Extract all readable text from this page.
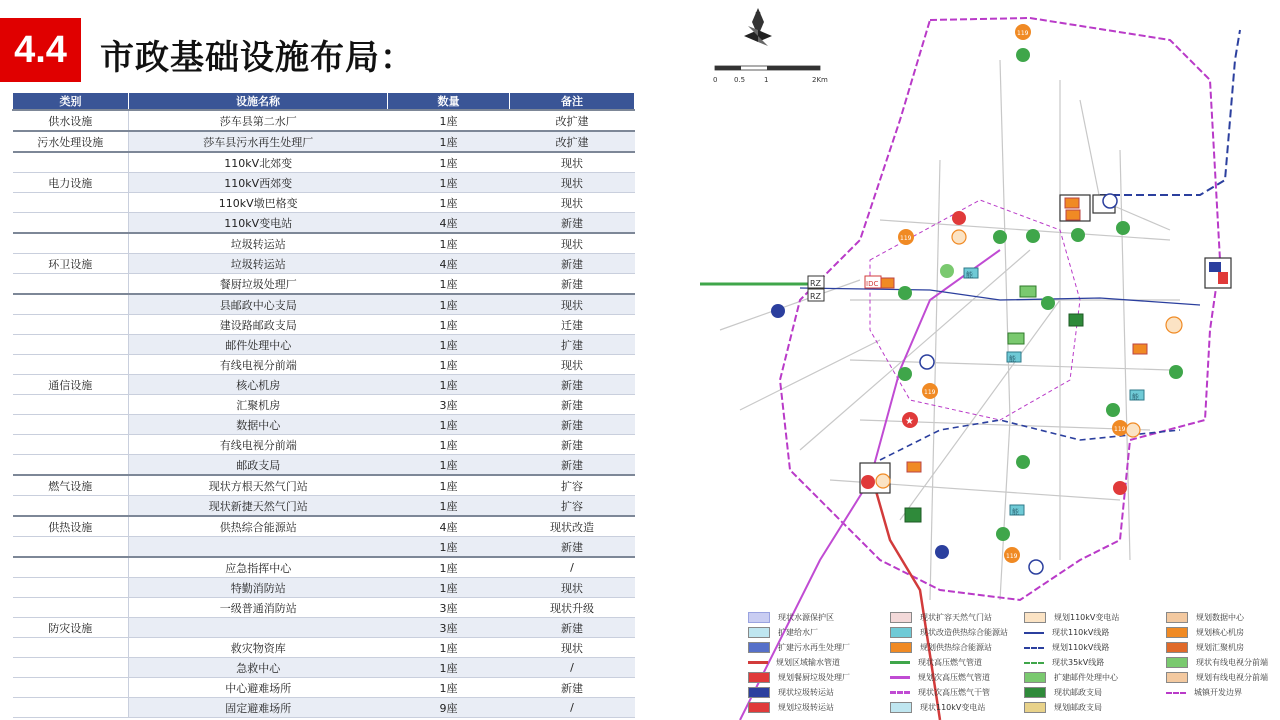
4.4 市政基础设施布局：
类别	设施名称	数量	备注
供水设施	莎车县第二水厂	1座	改扩建
污水处理设施	莎车县污水再生处理厂	1座	改扩建
	110kV北郊变	1座	现状
电力设施	110kV西郊变	1座	现状
	110kV墩巴格变	1座	现状
	110kV变电站	4座	新建
	垃圾转运站	1座	现状
环卫设施	垃圾转运站	4座	新建
	餐厨垃圾处理厂	1座	新建
	县邮政中心支局	1座	现状
	建设路邮政支局	1座	迁建
	邮件处理中心	1座	扩建
	有线电视分前端	1座	现状
通信设施	核心机房	1座	新建
	汇聚机房	3座	新建
	数据中心	1座	新建
	有线电视分前端	1座	新建
	邮政支局	1座	新建
燃气设施	现状方根天然气门站	1座	扩容
	现状新捷天然气门站	1座	扩容
供热设施	供热综合能源站	4座	现状改造
		1座	新建
	应急指挥中心	1座	/
	特勤消防站	1座	现状
	一级普通消防站	3座	现状升级
防灾设施		3座	新建
	救灾物资库	1座	现状
	急救中心	1座	/
	中心避难场所	1座	新建
	固定避难场所	9座	/
N
0 0.5	1	2Km
★
119
119
119
119
119
RZ
RZ
IDC
能
能
能
能
现状水源保护区
扩建给水厂
扩建污水再生处理厂
规划区域输水管道
规划餐厨垃圾处理厂
现状垃圾转运站
规划垃圾转运站
现状扩容天然气门站
现状改造供热综合能源站
规划供热综合能源站
现状高压燃气管道
规划次高压燃气管道
现状次高压燃气干管
现状110kV变电站
规划110kV变电站
现状110kV线路
规划110kV线路
现状35kV线路
扩建邮件处理中心
现状邮政支局
规划邮政支局
规划数据中心
规划核心机房
规划汇聚机房
现状有线电视分前端
规划有线电视分前端
城镇开发边界
